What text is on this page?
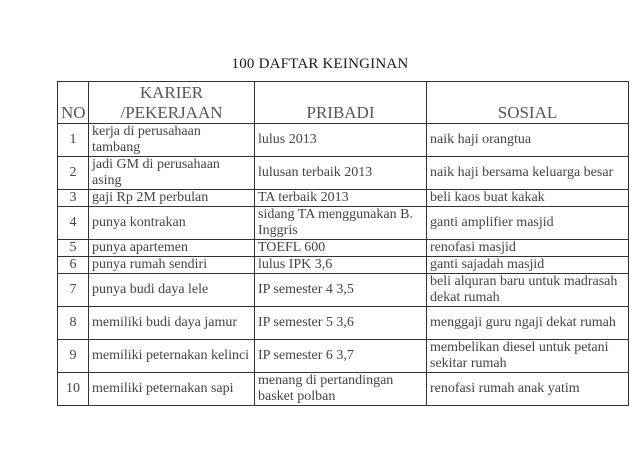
100 DAFTAR KEINGINAN
NO	KARIER /PEKERJAAN	PRIBADI	SOSIAL
1	kerja di perusahaan tambang	lulus 2013	naik haji orangtua
2	jadi GM di perusahaan asing	lulusan terbaik 2013	naik haji bersama keluarga besar
3	gaji Rp 2M perbulan	TA terbaik 2013	beli kaos buat kakak
4	punya kontrakan	sidang TA menggunakan B. Inggris	ganti amplifier masjid
5	punya apartemen	TOEFL 600	renofasi masjid
6	punya rumah sendiri	lulus IPK 3,6	ganti sajadah masjid
7	punya budi daya lele	IP semester 4 3,5	beli alquran baru untuk madrasah dekat rumah
8	memiliki budi daya jamur	IP semester 5 3,6	menggaji guru ngaji dekat rumah
9	memiliki peternakan kelinci	IP semester 6 3,7	membelikan diesel untuk petani sekitar rumah
10	memiliki peternakan sapi	menang di pertandingan basket polban	renofasi rumah anak yatim
